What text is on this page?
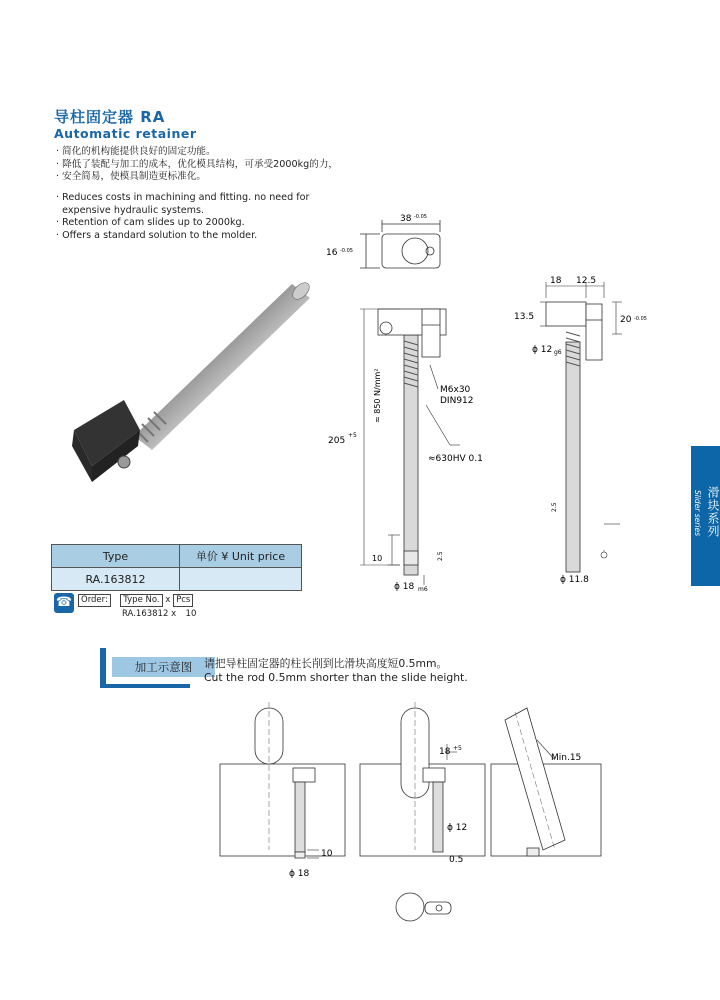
导柱固定器 RA
Automatic retainer
· 简化的机构能提供良好的固定功能。
· 降低了装配与加工的成本，优化模具结构，可承受2000kg的力，
· 安全简易，使模具制造更标准化。
· Reduces costs in machining and fitting. no need for
expensive hydraulic systems.
· Retention of cam slides up to 2000kg.
· Offers a standard solution to the molder.
Slider series 滑块系列
38 -0.05
16 -0.05
205
+5
≈ 850 N/mm²	M6x30
DIN912
≈630HV 0.1
10	2.5
ϕ 18 m6
18 12.5
13.5	20 -0.05
ϕ 12 g6
2.5
ϕ 11.8
Type	单价 ¥ Unit price
RA.163812	
☎	Order: Type No. x Pcs
RA.163812 x 10
加工示意图	请把导柱固定器的柱长削到比滑块高度短0.5mm。
Cut the rod 0.5mm shorter than the slide height.
10
ϕ 18
18 +5
ϕ 12
0.5
Min.15
